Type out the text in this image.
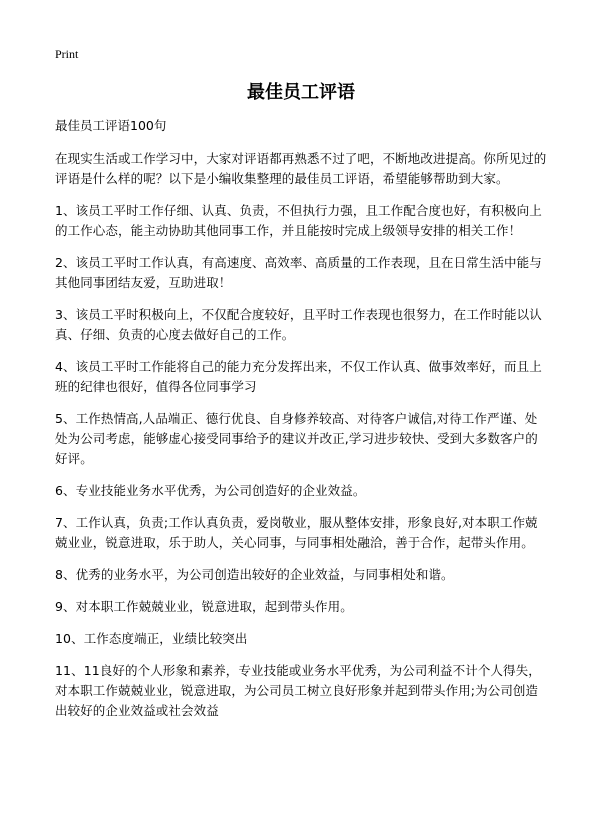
Print
最佳员工评语

最佳员工评语100句

在现实生活或工作学习中，大家对评语都再熟悉不过了吧，不断地改进提高。你所见过的评语是什么样的呢？以下是小编收集整理的最佳员工评语，希望能够帮助到大家。

1、该员工平时工作仔细、认真、负责，不但执行力强，且工作配合度也好，有积极向上的工作心态，能主动协助其他同事工作，并且能按时完成上级领导安排的相关工作！

2、该员工平时工作认真，有高速度、高效率、高质量的工作表现，且在日常生活中能与其他同事团结友爱，互助进取！

3、该员工平时积极向上，不仅配合度较好，且平时工作表现也很努力，在工作时能以认真、仔细、负责的心度去做好自己的工作。

4、该员工平时工作能将自己的能力充分发挥出来，不仅工作认真、做事效率好，而且上班的纪律也很好，值得各位同事学习

5、工作热情高,人品端正、德行优良、自身修养较高、对待客户诚信,对待工作严谨、处处为公司考虑，能够虚心接受同事给予的建议并改正,学习进步较快、受到大多数客户的好评。

6、专业技能业务水平优秀，为公司创造好的企业效益。

7、工作认真，负责;工作认真负责，爱岗敬业，服从整体安排，形象良好,对本职工作兢兢业业，锐意进取，乐于助人，关心同事，与同事相处融洽，善于合作，起带头作用。

8、优秀的业务水平，为公司创造出较好的企业效益，与同事相处和谐。

9、对本职工作兢兢业业，锐意进取，起到带头作用。

10、工作态度端正，业绩比较突出

11、11良好的个人形象和素养，专业技能或业务水平优秀，为公司利益不计个人得失，对本职工作兢兢业业，锐意进取，为公司员工树立良好形象并起到带头作用;为公司创造出较好的企业效益或社会效益
